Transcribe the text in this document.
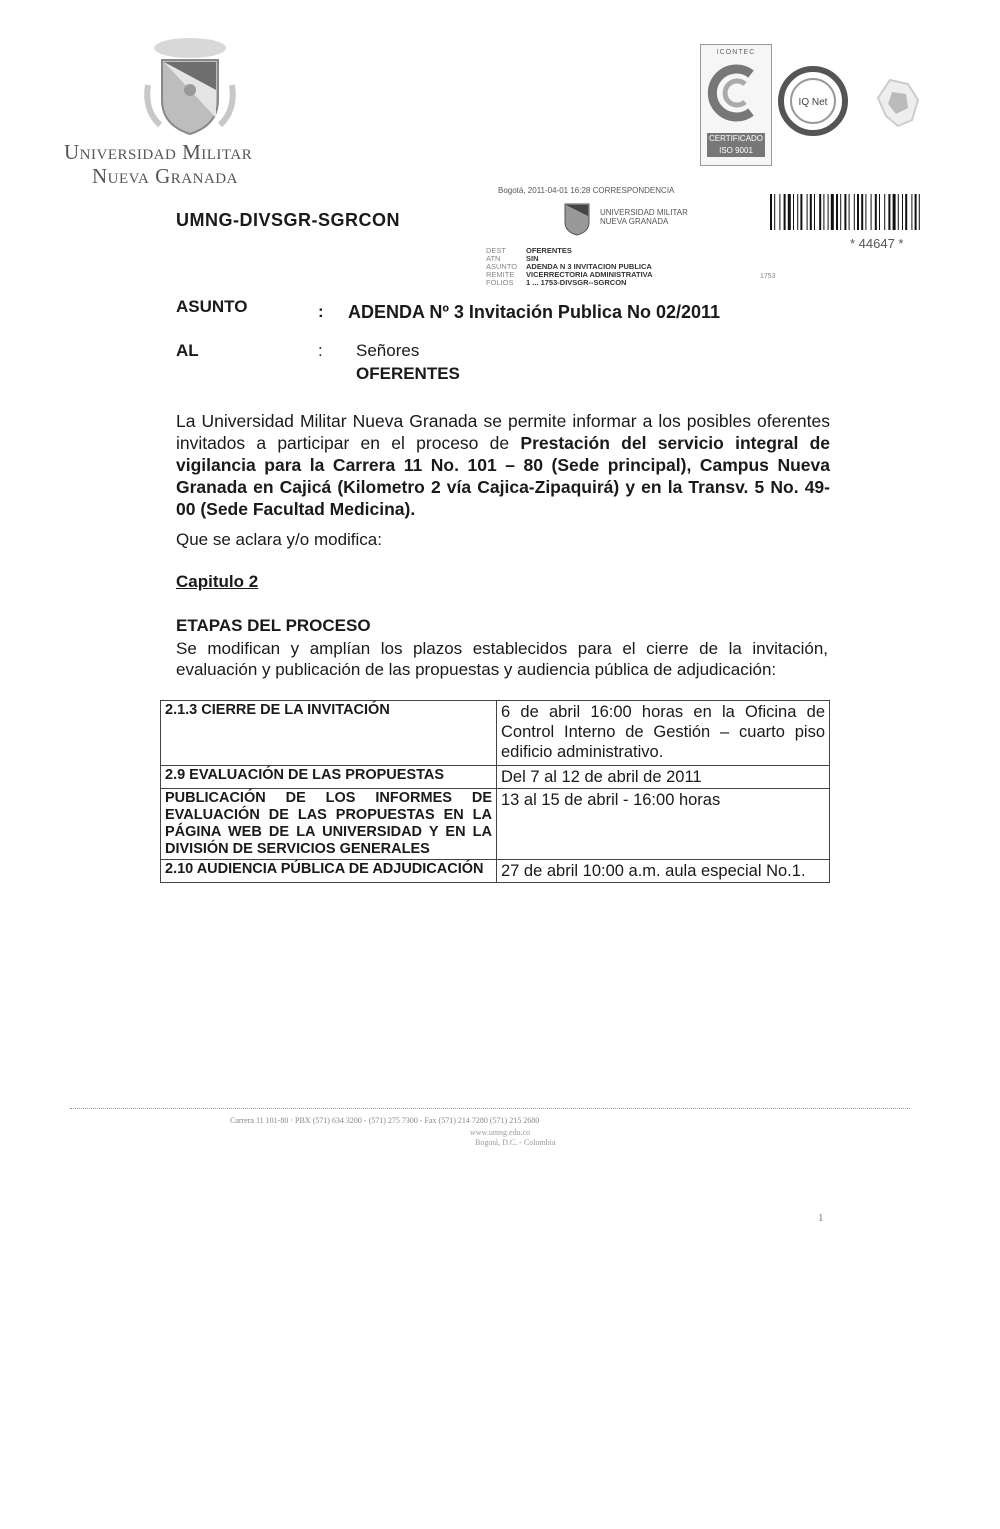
Universidad Militar
Nueva Granada
ICONTEC
CERTIFICADO ISO 9001
IQ Net
UMNG-DIVSGR-SGRCON
Bogotá, 2011-04-01 16:28 CORRESPONDENCIA
UNIVERSIDAD MILITAR
NUEVA GRANADA
DEST	OFERENTES
ATN	SIN
ASUNTO ADENDA N 3 INVITACION PUBLICA
REMITE VICERRECTORIA ADMINISTRATIVA
FOLIOS 1 ... 1753-DIVSGR--SGRCON
1753
* 44647 *
ASUNTO	: ADENDA Nº 3 Invitación Publica No 02/2011
AL	: Señores
OFERENTES
La Universidad Militar Nueva Granada se permite informar a los posibles oferentes invitados a participar en el proceso de Prestación del servicio integral de vigilancia para la Carrera 11 No. 101 – 80 (Sede principal), Campus Nueva Granada en Cajicá (Kilometro 2 vía Cajica-Zipaquirá) y en la Transv. 5 No. 49-00 (Sede Facultad Medicina).
Que se aclara y/o modifica:
Capitulo 2
ETAPAS DEL PROCESO
Se modifican y amplían los plazos establecidos para el cierre de la invitación, evaluación y publicación de las propuestas y audiencia pública de adjudicación:
2.1.3 CIERRE DE LA INVITACIÓN	6 de abril 16:00 horas en la Oficina de Control Interno de Gestión – cuarto piso edificio administrativo.
2.9 EVALUACIÓN DE LAS PROPUESTAS	Del 7 al 12 de abril de 2011
PUBLICACIÓN DE LOS INFORMES DE EVALUACIÓN DE LAS PROPUESTAS EN LA PÁGINA WEB DE LA UNIVERSIDAD Y EN LA DIVISIÓN DE SERVICIOS GENERALES	13 al 15 de abril - 16:00 horas
2.10 AUDIENCIA PÚBLICA DE ADJUDICACIÓN	27 de abril 10:00 a.m. aula especial No.1.
Carrera 11 101-80 · PBX (571) 634 3200 - (571) 275 7300 - Fax (571) 214 7280 (571) 215 2680
www.umng.edu.co
Bogotá, D.C. - Colombia
1
